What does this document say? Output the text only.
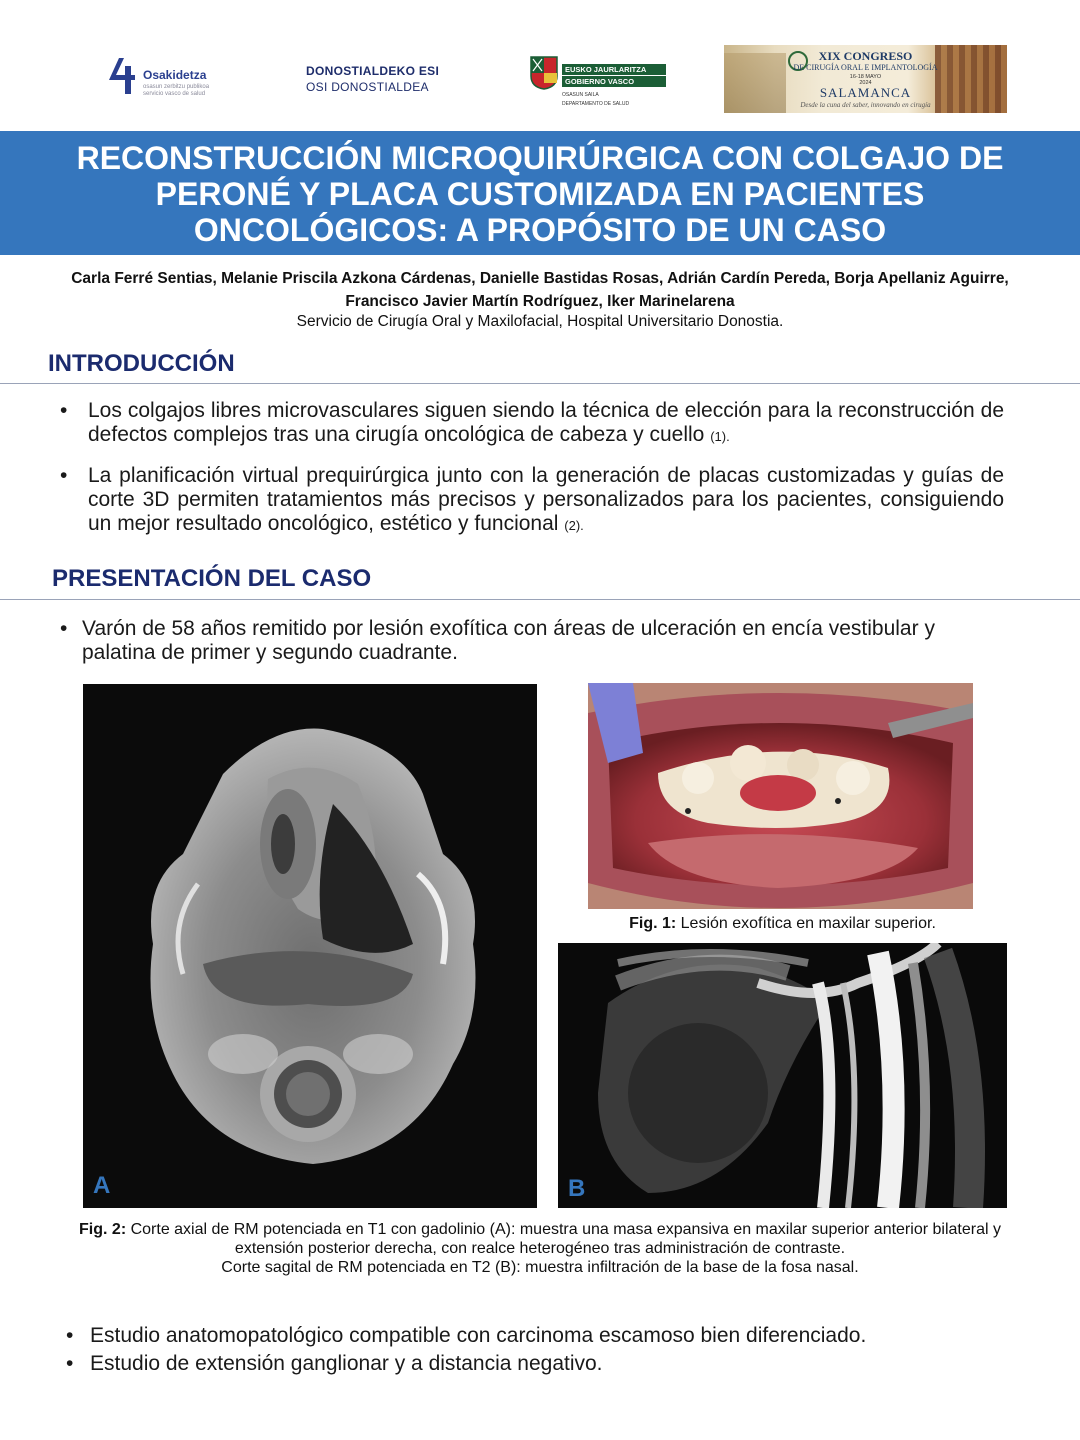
Osakidetza
osasun zerbitzu publikoa servicio vasco de salud
DONOSTIALDEKO ESI
OSI DONOSTIALDEA
EUSKO JAURLARITZA
GOBIERNO VASCO
OSASUN SAILA
DEPARTAMENTO DE SALUD
XIX CONGRESO
DE CIRUGÍA ORAL E IMPLANTOLOGÍA
16-18 MAYO
2024
SALAMANCA
Desde la cuna del saber, innovando en cirugía
RECONSTRUCCIÓN MICROQUIRÚRGICA CON COLGAJO DE PERONÉ Y PLACA CUSTOMIZADA EN PACIENTES ONCOLÓGICOS: A PROPÓSITO DE UN CASO
Carla Ferré Sentias, Melanie Priscila Azkona Cárdenas, Danielle Bastidas Rosas, Adrián Cardín Pereda, Borja Apellaniz Aguirre, Francisco Javier Martín Rodríguez, Iker Marinelarena
Servicio de Cirugía Oral y Maxilofacial, Hospital Universitario Donostia.
INTRODUCCIÓN
• Los colgajos libres microvasculares siguen siendo la técnica de elección para la reconstrucción de defectos complejos tras una cirugía oncológica de cabeza y cuello (1).
• La planificación virtual prequirúrgica junto con la generación de placas customizadas y guías de corte 3D permiten tratamientos más precisos y personalizados para los pacientes, consiguiendo un mejor resultado oncológico, estético y funcional (2).
PRESENTACIÓN DEL CASO
• Varón de 58 años remitido por lesión exofítica con áreas de ulceración en encía vestibular y palatina de primer y segundo cuadrante.
A
Fig. 1: Lesión exofítica en maxilar superior.
B
Fig. 2: Corte axial de RM potenciada en T1 con gadolinio (A): muestra una masa expansiva en maxilar superior anterior bilateral y extensión posterior derecha, con realce heterogéneo tras administración de contraste.
Corte sagital de RM potenciada en T2 (B): muestra infiltración de la base de la fosa nasal.
• Estudio anatomopatológico compatible con carcinoma escamoso bien diferenciado.
• Estudio de extensión ganglionar y a distancia negativo.
